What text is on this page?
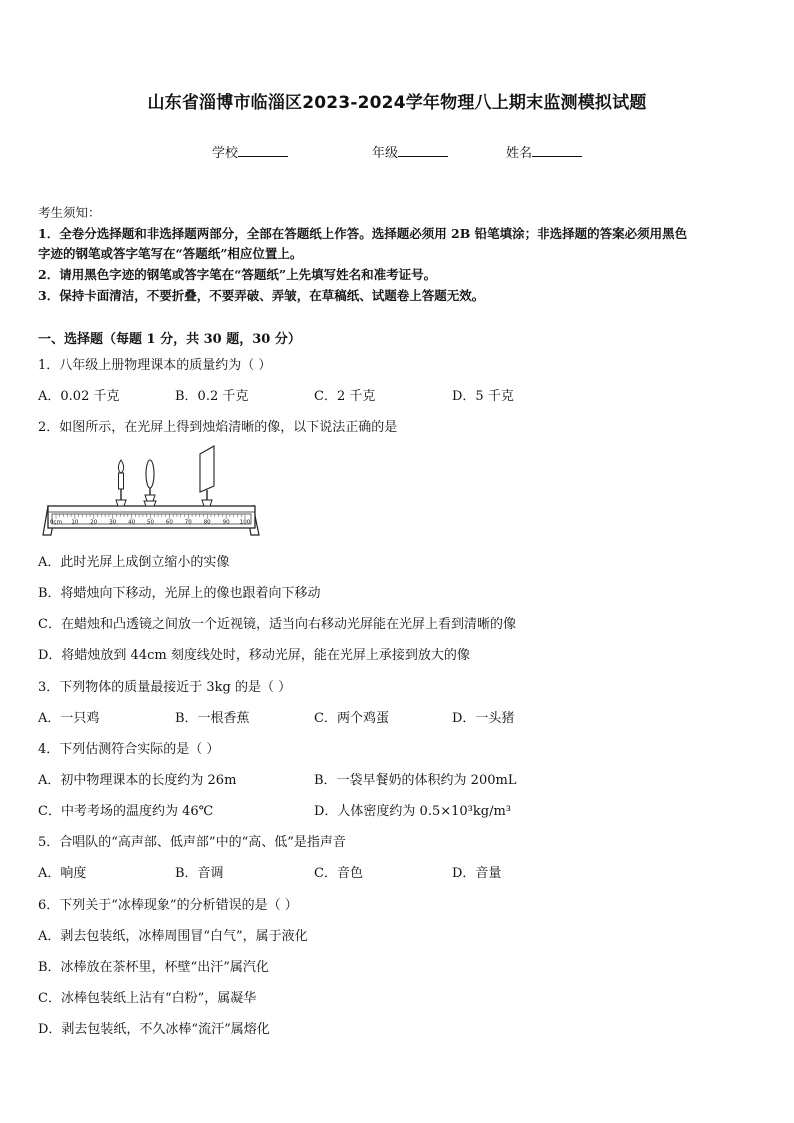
山东省淄博市临淄区2023-2024学年物理八上期末监测模拟试题
学校	年级	姓名
考生须知：
1．全卷分选择题和非选择题两部分，全部在答题纸上作答。选择题必须用 2B 铅笔填涂；非选择题的答案必须用黑色
字迹的钢笔或答字笔写在“答题纸”相应位置上。
2．请用黑色字迹的钢笔或答字笔在“答题纸”上先填写姓名和准考证号。
3．保持卡面清洁，不要折叠，不要弄破、弄皱，在草稿纸、试题卷上答题无效。
一、选择题（每题 1 分，共 30 题，30 分）
1．八年级上册物理课本的质量约为（ ）
A．0.02 千克	B．0.2 千克	C．2 千克	D．5 千克
2．如图所示，在光屏上得到烛焰清晰的像，以下说法正确的是
0cm 10 20 30 40 50 60 70 80 90 100
A．此时光屏上成倒立缩小的实像
B．将蜡烛向下移动，光屏上的像也跟着向下移动
C．在蜡烛和凸透镜之间放一个近视镜，适当向右移动光屏能在光屏上看到清晰的像
D．将蜡烛放到 44cm 刻度线处时，移动光屏，能在光屏上承接到放大的像
3．下列物体的质量最接近于 3kg 的是（ ）
A．一只鸡	B．一根香蕉	C．两个鸡蛋	D．一头猪
4．下列估测符合实际的是（ ）
A．初中物理课本的长度约为 26m	B．一袋早餐奶的体积约为 200mL
C．中考考场的温度约为 46℃	D．人体密度约为 0.5×10³kg/m³
5．合唱队的“高声部、低声部”中的“高、低”是指声音
A．响度	B．音调	C．音色	D．音量
6．下列关于“冰棒现象”的分析错误的是（ ）
A．剥去包装纸，冰棒周围冒“白气”，属于液化
B．冰棒放在茶杯里，杯壁“出汗”属汽化
C．冰棒包装纸上沾有“白粉”，属凝华
D．剥去包装纸，不久冰棒“流汗”属熔化
